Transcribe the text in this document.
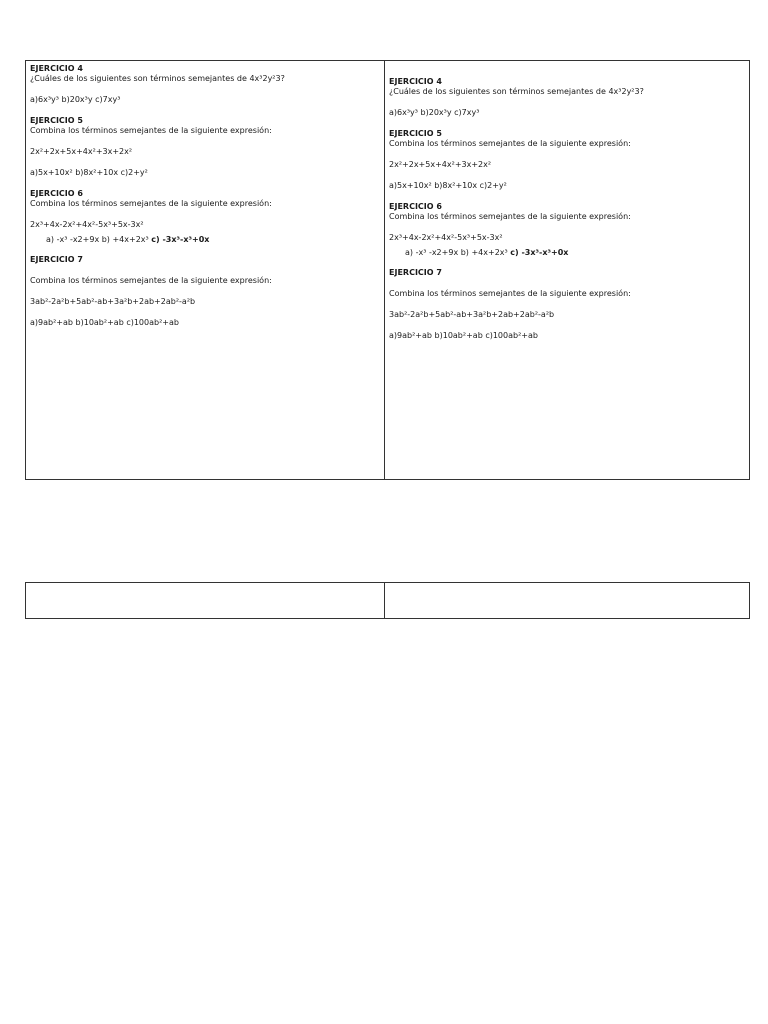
EJERCICIO 4

¿Cuáles de los siguientes son términos semejantes de 4x³2y²3?

a)6x³y³ b)20x³y c)7xy³

EJERCICIO 5

Combina los términos semejantes de la siguiente expresión:

2x²+2x+5x+4x²+3x+2x²

a)5x+10x² b)8x²+10x c)2+y²

EJERCICIO 6

Combina los términos semejantes de la siguiente expresión:

2x³+4x-2x²+4x²-5x³+5x-3x²

a) -x³ -x2+9x b) +4x+2x³ c) -3x³-x³+0x

EJERCICIO 7

Combina los términos semejantes de la siguiente expresión:

3ab²-2a²b+5ab²-ab+3a²b+2ab+2ab²-a²b

a)9ab²+ab b)10ab²+ab c)100ab²+ab

EJERCICIO 4

¿Cuáles de los siguientes son términos semejantes de 4x³2y²3?

a)6x³y³ b)20x³y c)7xy³

EJERCICIO 5

Combina los términos semejantes de la siguiente expresión:

2x²+2x+5x+4x²+3x+2x²

a)5x+10x² b)8x²+10x c)2+y²

EJERCICIO 6

Combina los términos semejantes de la siguiente expresión:

2x³+4x-2x²+4x²-5x³+5x-3x²

a) -x³ -x2+9x b) +4x+2x³ c) -3x³-x³+0x

EJERCICIO 7

Combina los términos semejantes de la siguiente expresión:

3ab²-2a²b+5ab²-ab+3a²b+2ab+2ab²-a²b

a)9ab²+ab b)10ab²+ab c)100ab²+ab
